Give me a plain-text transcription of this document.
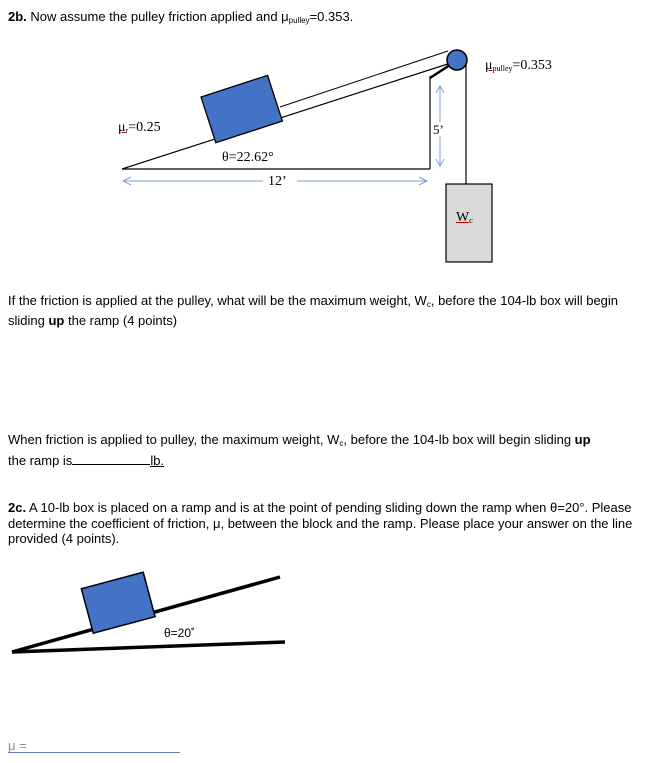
2b. Now assume the pulley friction applied and $\mu_{pulley}=0.353$.
$\mu_{pulley}=0.353$
$\mu_r=0.25$
θ=22.62°
5’
12’
$W_c$
If the friction is applied at the pulley, what will be the maximum weight, $W_c$, before the 104-lb box will begin sliding up the ramp (4 points)
When friction is applied to pulley, the maximum weight, $W_c$, before the 104-lb box will begin sliding up
the ramp is	lb.
2c. A 10-lb box is placed on a ramp and is at the point of pending sliding down the ramp when θ=20°. Please determine the coefficient of friction, μ, between the block and the ramp. Please place your answer on the line provided (4 points).
θ=20˚
μ =
